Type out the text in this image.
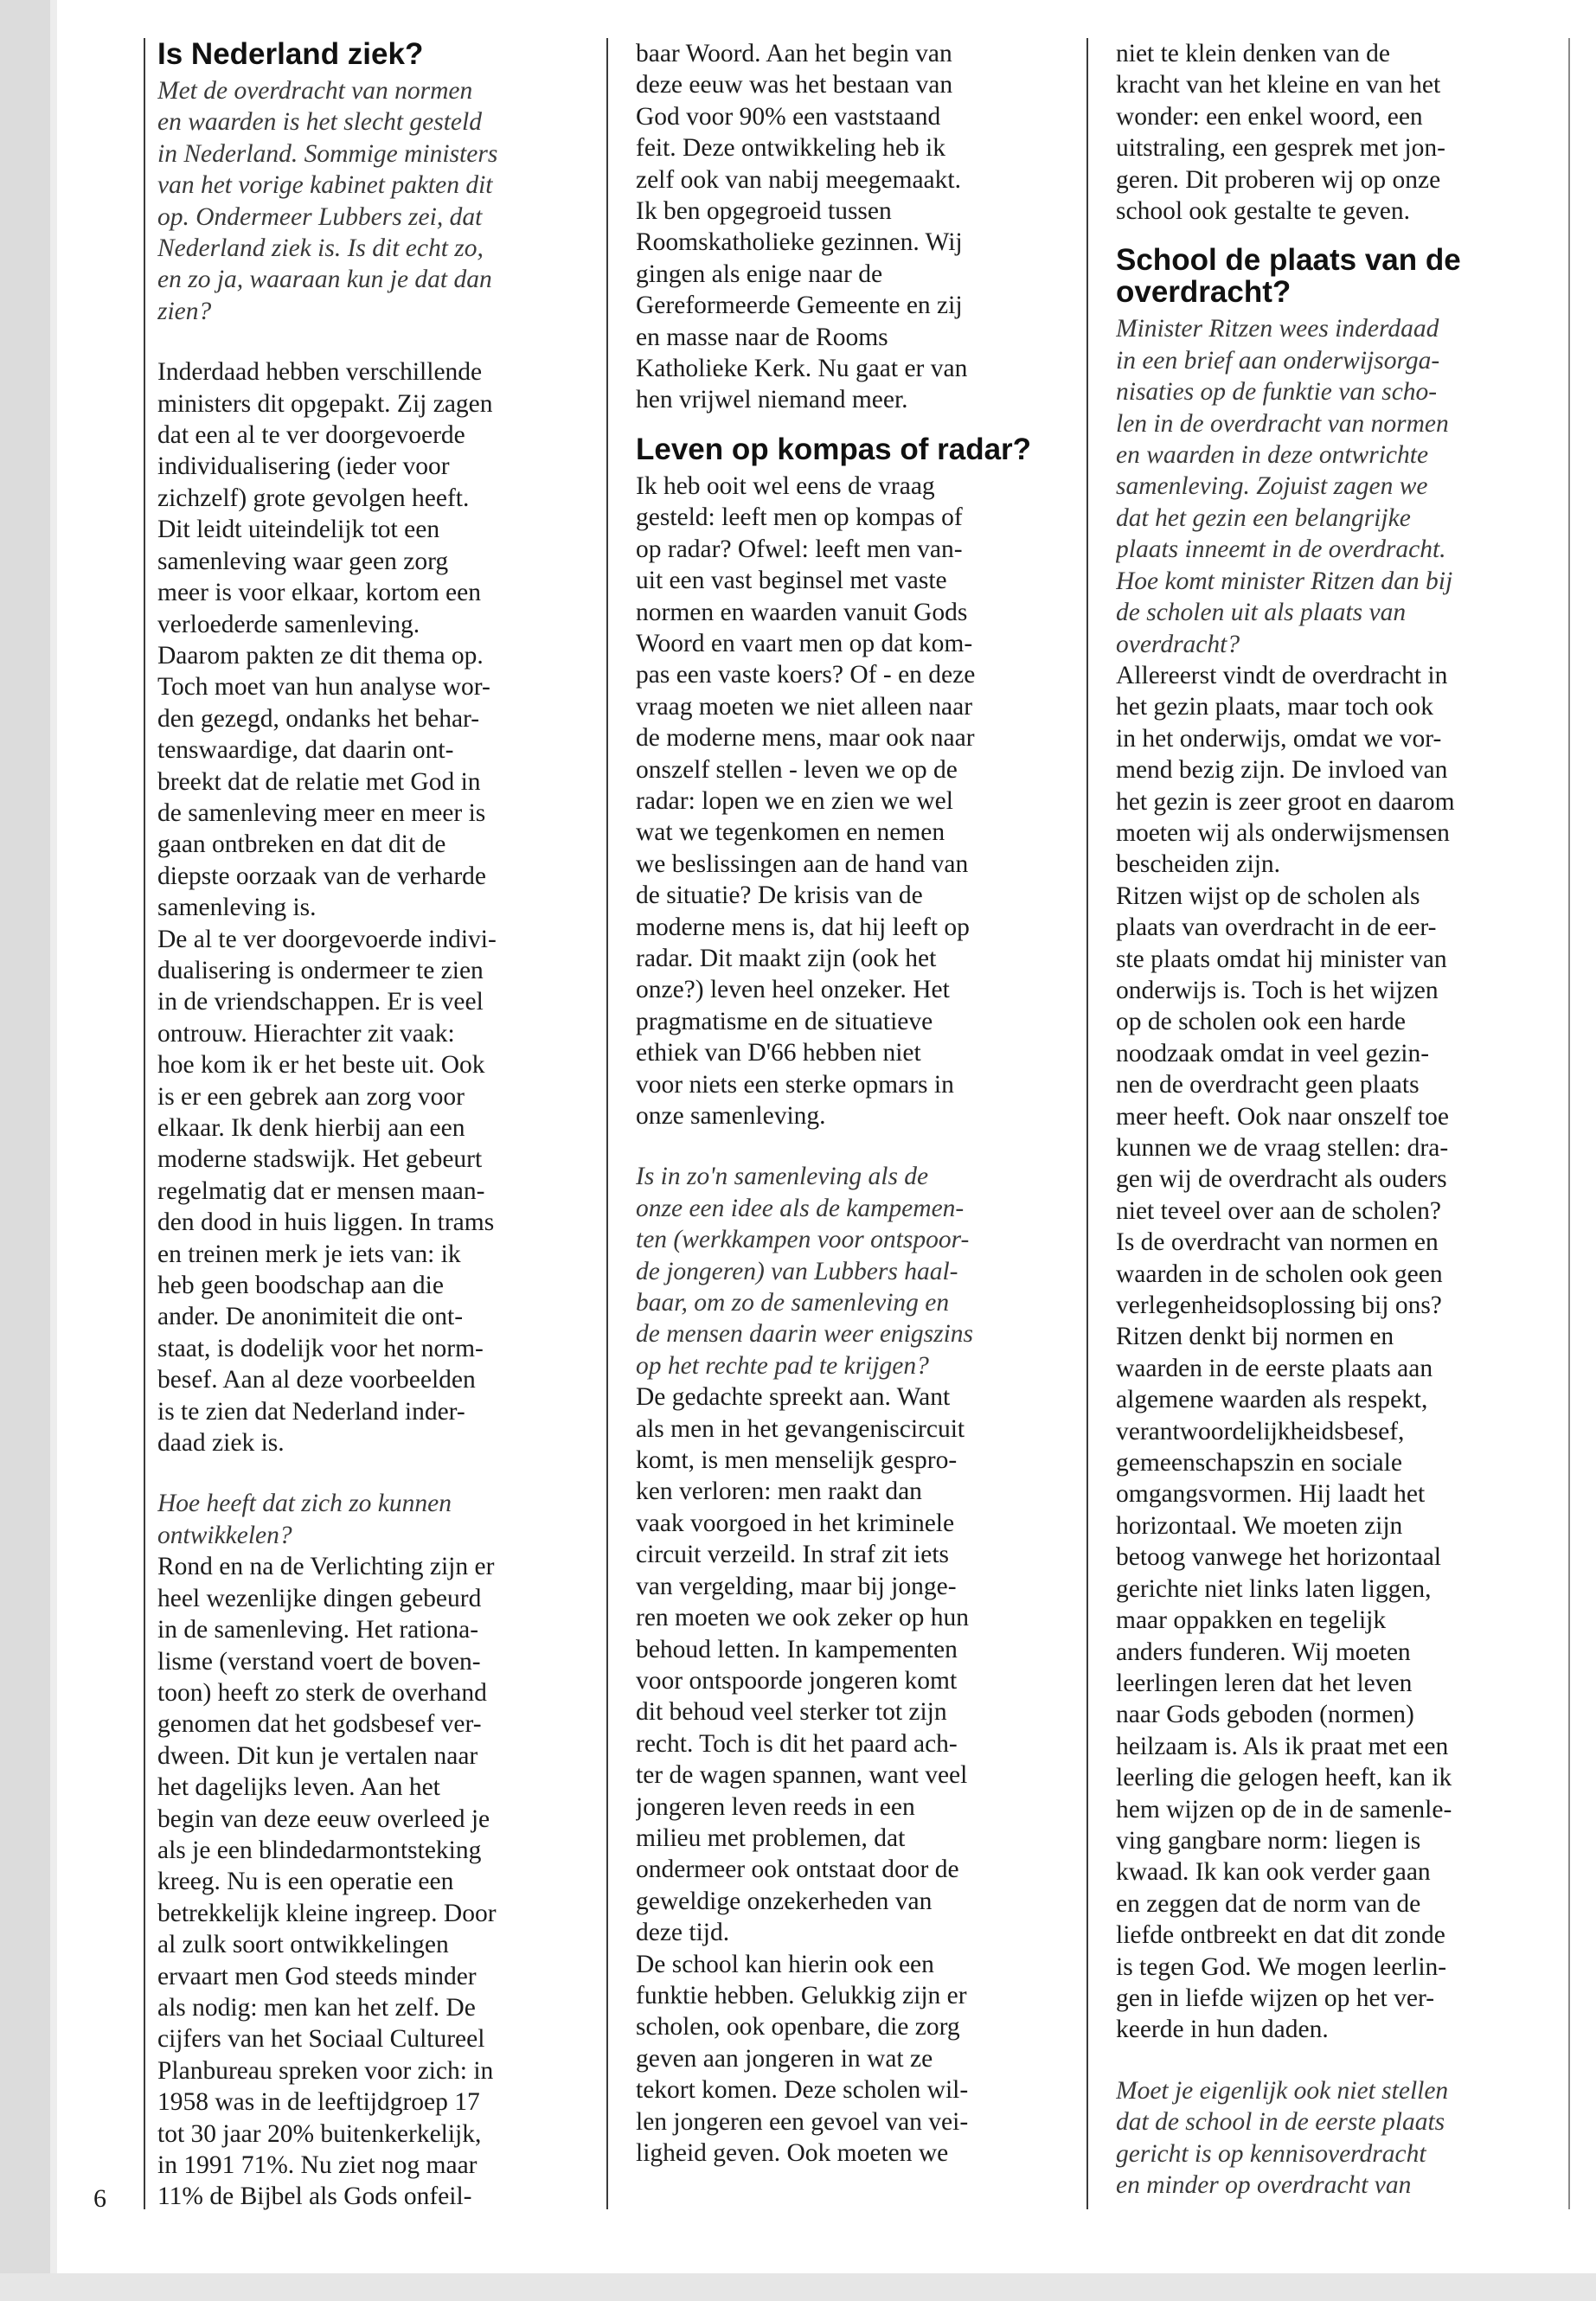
Is Nederland ziek?

Met de overdracht van normen

en waarden is het slecht gesteld

in Nederland. Sommige ministers

van het vorige kabinet pakten dit

op. Ondermeer Lubbers zei, dat

Nederland ziek is. Is dit echt zo,

en zo ja, waaraan kun je dat dan

zien?

Inderdaad hebben verschillende

ministers dit opgepakt. Zij zagen

dat een al te ver doorgevoerde

individualisering (ieder voor

zichzelf) grote gevolgen heeft.

Dit leidt uiteindelijk tot een

samenleving waar geen zorg

meer is voor elkaar, kortom een

verloederde samenleving.

Daarom pakten ze dit thema op.

Toch moet van hun analyse wor-

den gezegd, ondanks het behar-

tenswaardige, dat daarin ont-

breekt dat de relatie met God in

de samenleving meer en meer is

gaan ontbreken en dat dit de

diepste oorzaak van de verharde

samenleving is.

De al te ver doorgevoerde indivi-

dualisering is ondermeer te zien

in de vriendschappen. Er is veel

ontrouw. Hierachter zit vaak:

hoe kom ik er het beste uit. Ook

is er een gebrek aan zorg voor

elkaar. Ik denk hierbij aan een

moderne stadswijk. Het gebeurt

regelmatig dat er mensen maan-

den dood in huis liggen. In trams

en treinen merk je iets van: ik

heb geen boodschap aan die

ander. De anonimiteit die ont-

staat, is dodelijk voor het norm-

besef. Aan al deze voorbeelden

is te zien dat Nederland inder-

daad ziek is.

Hoe heeft dat zich zo kunnen

ontwikkelen?

Rond en na de Verlichting zijn er

heel wezenlijke dingen gebeurd

in de samenleving. Het rationa-

lisme (verstand voert de boven-

toon) heeft zo sterk de overhand

genomen dat het godsbesef ver-

dween. Dit kun je vertalen naar

het dagelijks leven. Aan het

begin van deze eeuw overleed je

als je een blindedarmontsteking

kreeg. Nu is een operatie een

betrekkelijk kleine ingreep. Door

al zulk soort ontwikkelingen

ervaart men God steeds minder

als nodig: men kan het zelf. De

cijfers van het Sociaal Cultureel

Planbureau spreken voor zich: in

1958 was in de leeftijdgroep 17

tot 30 jaar 20% buitenkerkelijk,

in 1991 71%. Nu ziet nog maar

11% de Bijbel als Gods onfeil-

baar Woord. Aan het begin van

deze eeuw was het bestaan van

God voor 90% een vaststaand

feit. Deze ontwikkeling heb ik

zelf ook van nabij meegemaakt.

Ik ben opgegroeid tussen

Roomskatholieke gezinnen. Wij

gingen als enige naar de

Gereformeerde Gemeente en zij

en masse naar de Rooms

Katholieke Kerk. Nu gaat er van

hen vrijwel niemand meer.

Leven op kompas of radar?

Ik heb ooit wel eens de vraag

gesteld: leeft men op kompas of

op radar? Ofwel: leeft men van-

uit een vast beginsel met vaste

normen en waarden vanuit Gods

Woord en vaart men op dat kom-

pas een vaste koers? Of - en deze

vraag moeten we niet alleen naar

de moderne mens, maar ook naar

onszelf stellen - leven we op de

radar: lopen we en zien we wel

wat we tegenkomen en nemen

we beslissingen aan de hand van

de situatie? De krisis van de

moderne mens is, dat hij leeft op

radar. Dit maakt zijn (ook het

onze?) leven heel onzeker. Het

pragmatisme en de situatieve

ethiek van D'66 hebben niet

voor niets een sterke opmars in

onze samenleving.

Is in zo'n samenleving als de

onze een idee als de kampemen-

ten (werkkampen voor ontspoor-

de jongeren) van Lubbers haal-

baar, om zo de samenleving en

de mensen daarin weer enigszins

op het rechte pad te krijgen?

De gedachte spreekt aan. Want

als men in het gevangeniscircuit

komt, is men menselijk gespro-

ken verloren: men raakt dan

vaak voorgoed in het kriminele

circuit verzeild. In straf zit iets

van vergelding, maar bij jonge-

ren moeten we ook zeker op hun

behoud letten. In kampementen

voor ontspoorde jongeren komt

dit behoud veel sterker tot zijn

recht. Toch is dit het paard ach-

ter de wagen spannen, want veel

jongeren leven reeds in een

milieu met problemen, dat

ondermeer ook ontstaat door de

geweldige onzekerheden van

deze tijd.

De school kan hierin ook een

funktie hebben. Gelukkig zijn er

scholen, ook openbare, die zorg

geven aan jongeren in wat ze

tekort komen. Deze scholen wil-

len jongeren een gevoel van vei-

ligheid geven. Ook moeten we

niet te klein denken van de

kracht van het kleine en van het

wonder: een enkel woord, een

uitstraling, een gesprek met jon-

geren. Dit proberen wij op onze

school ook gestalte te geven.

School de plaats van de overdracht?

Minister Ritzen wees inderdaad

in een brief aan onderwijsorga-

nisaties op de funktie van scho-

len in de overdracht van normen

en waarden in deze ontwrichte

samenleving. Zojuist zagen we

dat het gezin een belangrijke

plaats inneemt in de overdracht.

Hoe komt minister Ritzen dan bij

de scholen uit als plaats van

overdracht?

Allereerst vindt de overdracht in

het gezin plaats, maar toch ook

in het onderwijs, omdat we vor-

mend bezig zijn. De invloed van

het gezin is zeer groot en daarom

moeten wij als onderwijsmensen

bescheiden zijn.

Ritzen wijst op de scholen als

plaats van overdracht in de eer-

ste plaats omdat hij minister van

onderwijs is. Toch is het wijzen

op de scholen ook een harde

noodzaak omdat in veel gezin-

nen de overdracht geen plaats

meer heeft. Ook naar onszelf toe

kunnen we de vraag stellen: dra-

gen wij de overdracht als ouders

niet teveel over aan de scholen?

Is de overdracht van normen en

waarden in de scholen ook geen

verlegenheidsoplossing bij ons?

Ritzen denkt bij normen en

waarden in de eerste plaats aan

algemene waarden als respekt,

verantwoordelijkheidsbesef,

gemeenschapszin en sociale

omgangsvormen. Hij laadt het

horizontaal. We moeten zijn

betoog vanwege het horizontaal

gerichte niet links laten liggen,

maar oppakken en tegelijk

anders funderen. Wij moeten

leerlingen leren dat het leven

naar Gods geboden (normen)

heilzaam is. Als ik praat met een

leerling die gelogen heeft, kan ik

hem wijzen op de in de samenle-

ving gangbare norm: liegen is

kwaad. Ik kan ook verder gaan

en zeggen dat de norm van de

liefde ontbreekt en dat dit zonde

is tegen God. We mogen leerlin-

gen in liefde wijzen op het ver-

keerde in hun daden.

Moet je eigenlijk ook niet stellen

dat de school in de eerste plaats

gericht is op kennisoverdracht

en minder op overdracht van

6
